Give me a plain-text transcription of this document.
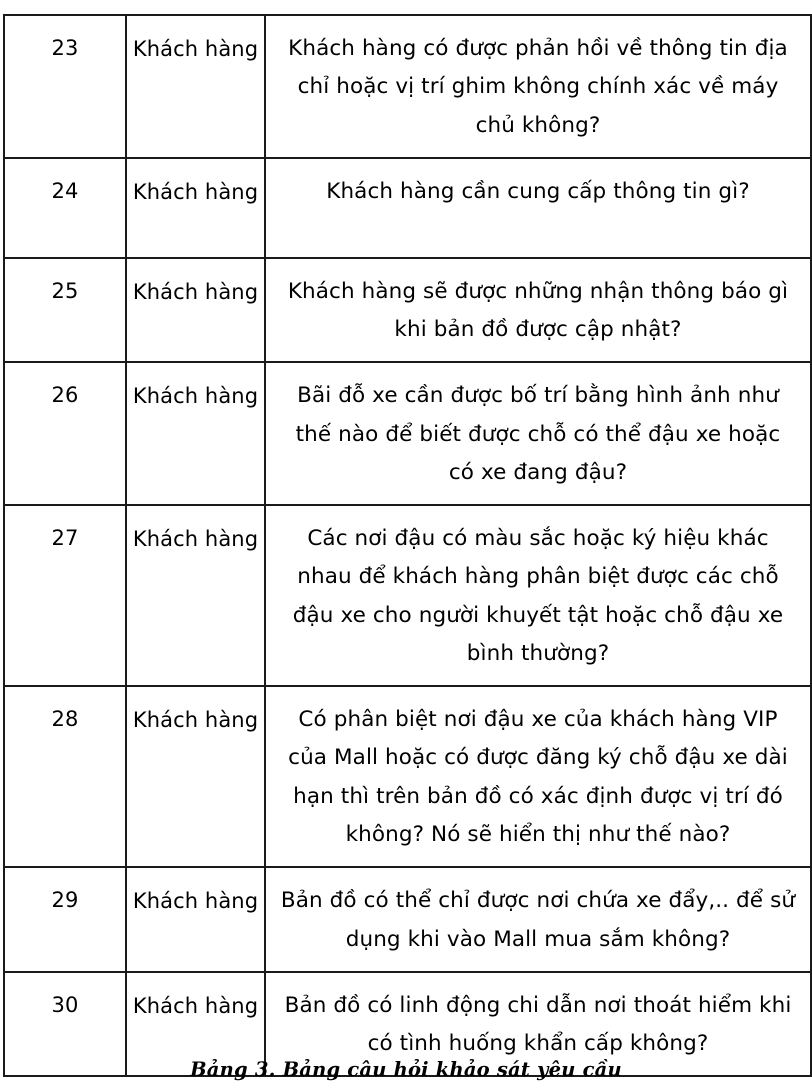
23	Khách hàng	Khách hàng có được phản hồi về thông tin địa chỉ hoặc vị trí ghim không chính xác về máy chủ không?

24	Khách hàng	Khách hàng cần cung cấp thông tin gì?

25	Khách hàng	Khách hàng sẽ được những nhận thông báo gì khi bản đồ được cập nhật?

26	Khách hàng	Bãi đỗ xe cần được bố trí bằng hình ảnh như thế nào để biết được chỗ có thể đậu xe hoặc có xe đang đậu?

27	Khách hàng	Các nơi đậu có màu sắc hoặc ký hiệu khác nhau để khách hàng phân biệt được các chỗ đậu xe cho người khuyết tật hoặc chỗ đậu xe bình thường?

28	Khách hàng	Có phân biệt nơi đậu xe của khách hàng VIP của Mall hoặc có được đăng ký chỗ đậu xe dài hạn thì trên bản đồ có xác định được vị trí đó không? Nó sẽ hiển thị như thế nào?

29	Khách hàng	Bản đồ có thể chỉ được nơi chứa xe đẩy,.. để sử dụng khi vào Mall mua sắm không?

30	Khách hàng	Bản đồ có linh động chi dẫn nơi thoát hiểm khi có tình huống khẩn cấp không?
Bảng 3. Bảng câu hỏi khảo sát yêu cầu
